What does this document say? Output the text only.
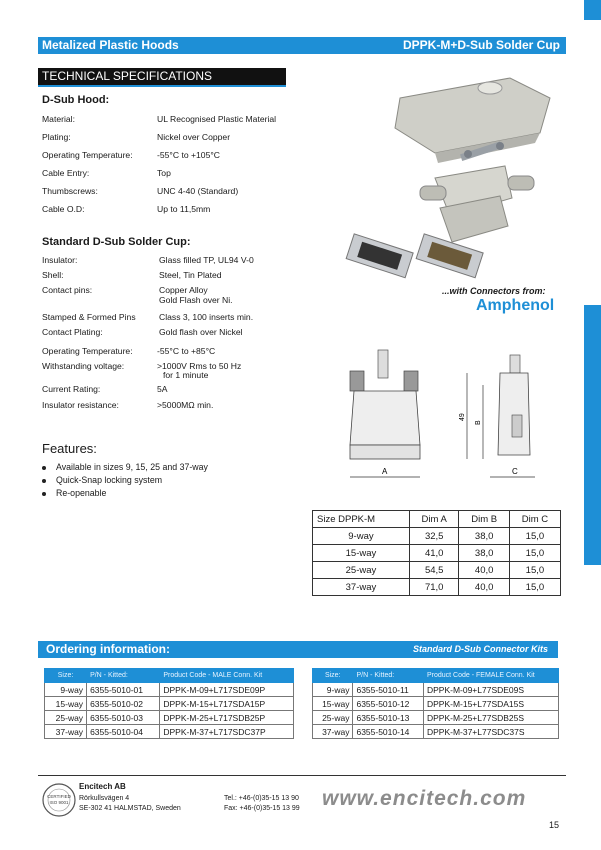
Metalized Plastic Hoods	DPPK-M+D-Sub Solder Cup
TECHNICAL SPECIFICATIONS
D-Sub Hood:
Material:	UL Recognised Plastic Material
Plating:	Nickel over Copper
Operating Temperature:	-55°C to +105°C
Cable Entry:	Top
Thumbscrews:	UNC 4-40 (Standard)
Cable O.D:	Up to 11,5mm
Standard D-Sub Solder Cup:
Insulator:	Glass filled TP, UL94 V-0
Shell:	Steel, Tin Plated
Contact pins:	Copper Alloy
Gold Flash over Ni.
Stamped & Formed Pins	Class 3, 100 inserts min.
Contact Plating:	Gold flash over Nickel
Operating Temperature:	-55°C to +85°C
Withstanding voltage:	>1000V Rms to 50 Hz
for 1 minute
Current Rating:	5A
Insulator resistance:	>5000MΩ min.
...with Connectors from:
Amphenol
A	C
49
B
Features:
Available in sizes 9, 15, 25 and 37-way
Quick-Snap locking system
Re-openable
Size DPPK-M	Dim A	Dim B	Dim C
9-way	32,5	38,0	15,0
15-way	41,0	38,0	15,0
25-way	54,5	40,0	15,0
37-way	71,0	40,0	15,0
Ordering information:	Standard D-Sub Connector Kits
Size:	P/N - Kitted:	Product Code - MALE Conn. Kit
9-way	6355-5010-01	DPPK-M-09+L717SDE09P
15-way	6355-5010-02	DPPK-M-15+L717SDA15P
25-way	6355-5010-03	DPPK-M-25+L717SDB25P
37-way	6355-5010-04	DPPK-M-37+L717SDC37P
Size:	P/N - Kitted:	Product Code - FEMALE Conn. Kit
9-way	6355-5010-11	DPPK-M-09+L77SDE09S
15-way	6355-5010-12	DPPK-M-15+L77SDA15S
25-way	6355-5010-13	DPPK-M-25+L77SDB25S
37-way	6355-5010-14	DPPK-M-37+L77SDC37S
CERTIFIED
ISO 9001
Encitech AB
Rörkullsvägen 4
SE-302 41 HALMSTAD, Sweden
Tel.: +46-(0)35-15 13 90
Fax: +46-(0)35-15 13 99 www.encitech.com
15
